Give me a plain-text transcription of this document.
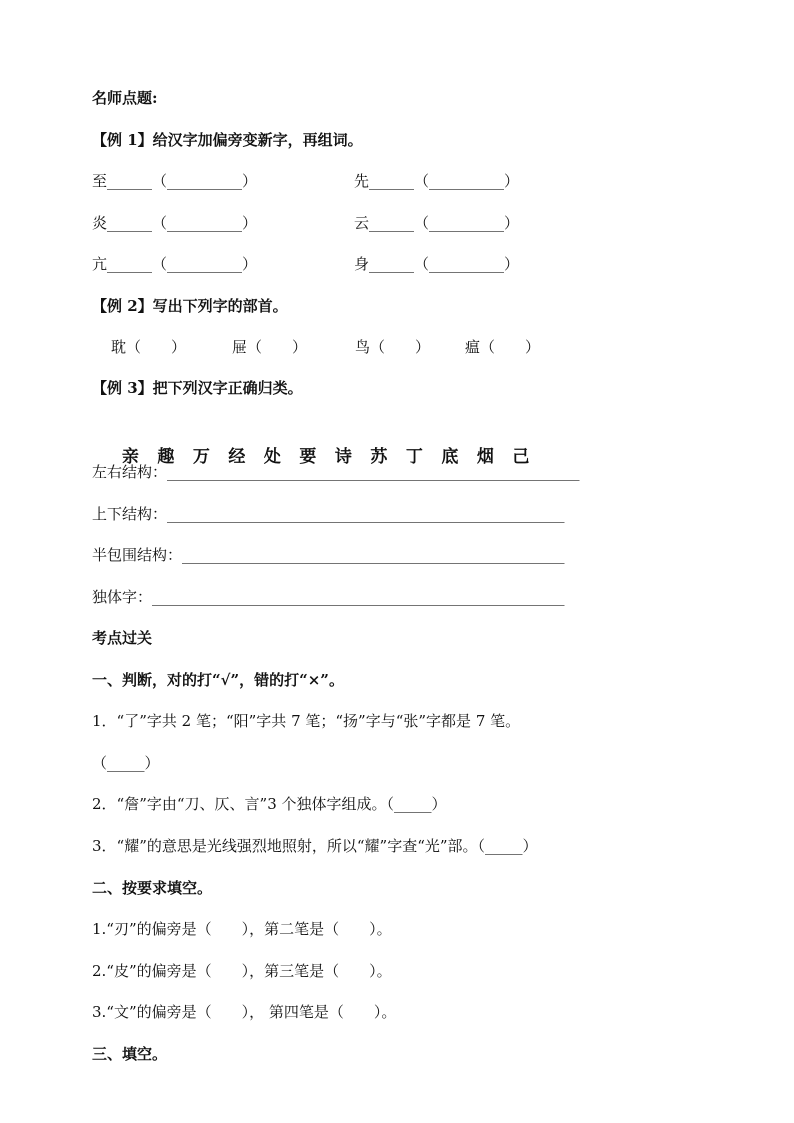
名师点题:
【例 1】给汉字加偏旁变新字，再组词。
至______（__________）	先______（__________）
炎______（__________）	云______（__________）
亢______（__________）	身______（__________）
【例 2】写出下列字的部首。
耽（　　）	屉（　　）	鸟（　　） 瘟（　　）
【例 3】把下列汉字正确归类。

亲 趣 万 经 处 要 诗 苏 丁 底 烟 己

左右结构：_______________________________________________________
上下结构：_____________________________________________________
半包围结构：___________________________________________________
独体字：_______________________________________________________
考点过关
一、判断，对的打“√”，错的打“×”。
1．“了”字共 2 笔；“阳”字共 7 笔；“扬”字与“张”字都是 7 笔。
（_____）
2．“詹”字由“刀、仄、言”3 个独体字组成。（_____）
3．“耀”的意思是光线强烈地照射，所以“耀”字查“光”部。（_____）
二、按要求填空。
1.“刃”的偏旁是（　　），第二笔是（　　）。
2.“皮”的偏旁是（　　），第三笔是（　　）。
3.“文”的偏旁是（　　）， 第四笔是（　　）。
三、填空。
